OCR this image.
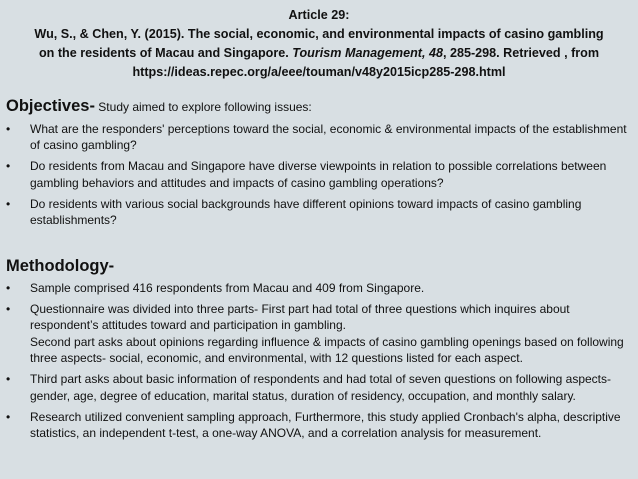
Article 29:
Wu, S., & Chen, Y. (2015). The social, economic, and environmental impacts of casino gambling
on the residents of Macau and Singapore. Tourism Management, 48, 285-298. Retrieved , from
https://ideas.repec.org/a/eee/touman/v48y2015icp285-298.html
Objectives- Study aimed to explore following issues:
• What are the responders' perceptions toward the social, economic & environmental impacts of the establishment of casino gambling?
• Do residents from Macau and Singapore have diverse viewpoints in relation to possible correlations between gambling behaviors and attitudes and impacts of casino gambling operations?
• Do residents with various social backgrounds have different opinions toward impacts of casino gambling establishments?
Methodology-
• Sample comprised 416 respondents from Macau and 409 from Singapore.
• Questionnaire was divided into three parts- First part had total of three questions which inquires about respondent’s attitudes toward and participation in gambling.
Second part asks about opinions regarding influence & impacts of casino gambling openings based on following three aspects- social, economic, and environmental, with 12 questions listed for each aspect.
• Third part asks about basic information of respondents and had total of seven questions on following aspects- gender, age, degree of education, marital status, duration of residency, occupation, and monthly salary.
• Research utilized convenient sampling approach, Furthermore, this study applied Cronbach's alpha, descriptive statistics, an independent t-test, a one-way ANOVA, and a correlation analysis for measurement.
